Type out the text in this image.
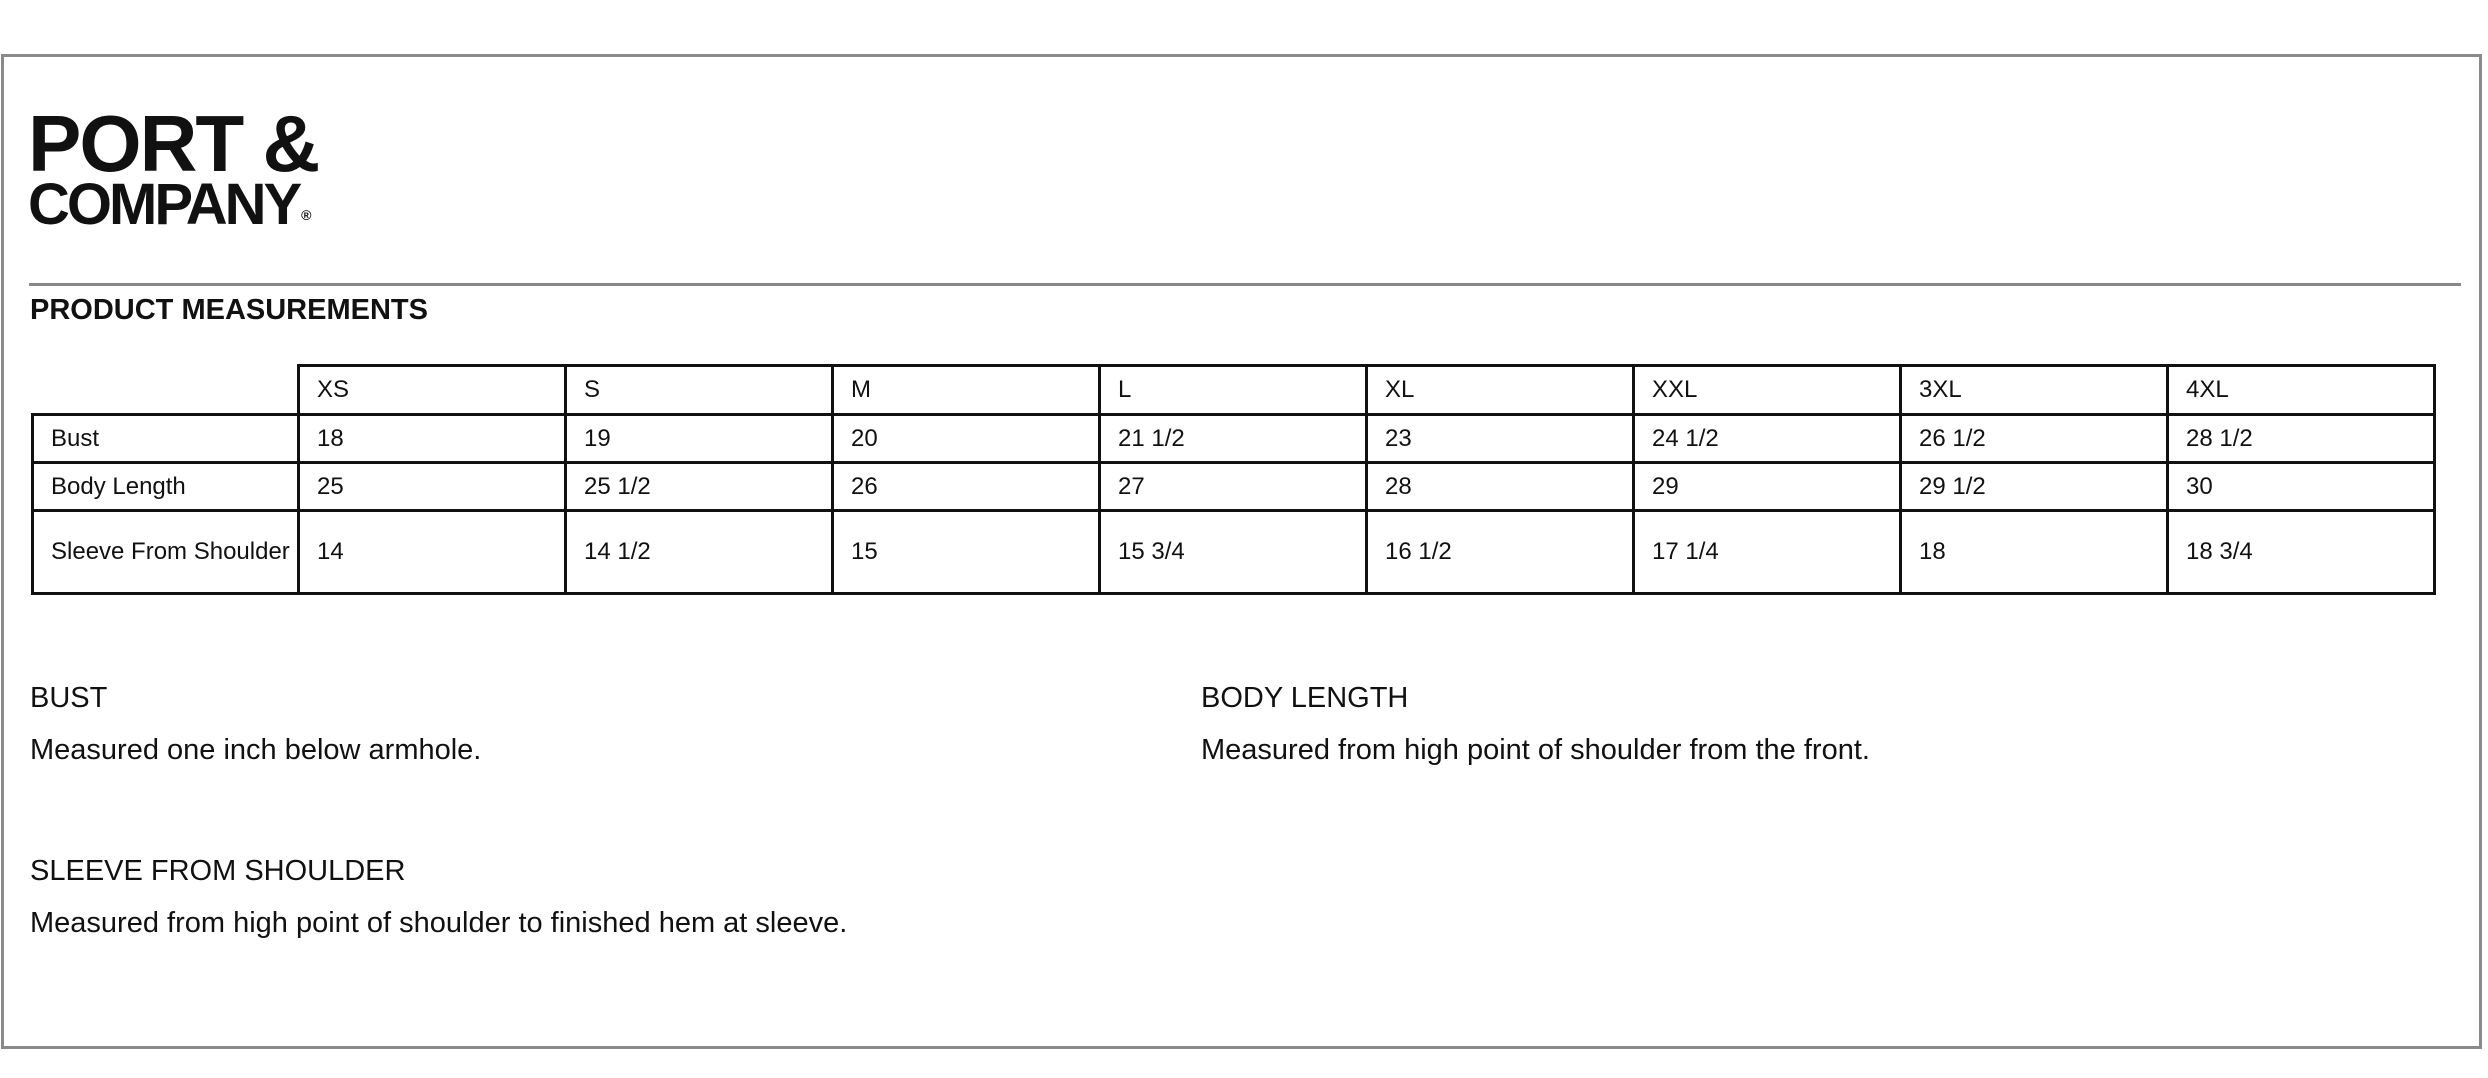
PORT &
COMPANY ®
PRODUCT MEASUREMENTS
	XS	S	M	L	XL	XXL	3XL	4XL
Bust	18	19	20	21 1/2	23	24 1/2	26 1/2	28 1/2
Body Length	25	25 1/2	26	27	28	29	29 1/2	30
Sleeve From Shoulder	14	14 1/2	15	15 3/4	16 1/2	17 1/4	18	18 3/4
BUST
Measured one inch below armhole.
BODY LENGTH
Measured from high point of shoulder from the front.
SLEEVE FROM SHOULDER
Measured from high point of shoulder to finished hem at sleeve.
